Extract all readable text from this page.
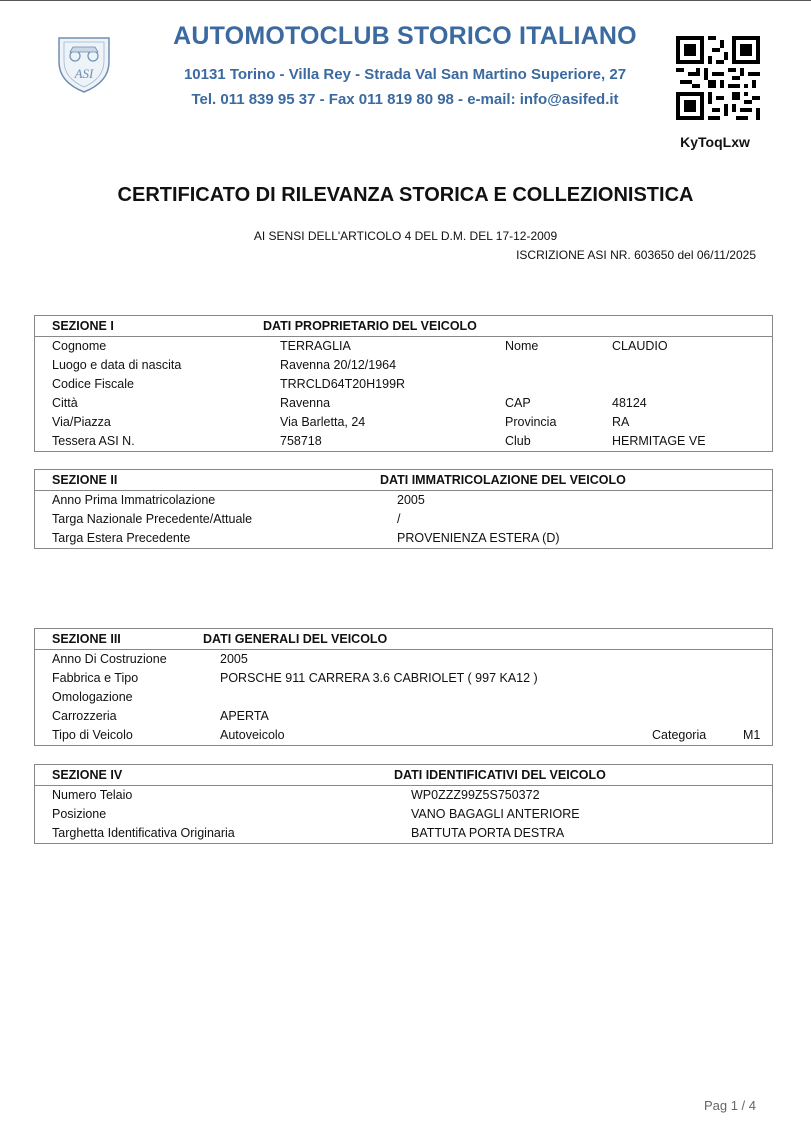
ASI
AUTOMOTOCLUB STORICO ITALIANO
10131 Torino - Villa Rey - Strada Val San Martino Superiore, 27
Tel. 011 839 95 37 - Fax 011 819 80 98 - e-mail: info@asifed.it
KyToqLxw
CERTIFICATO DI RILEVANZA STORICA E COLLEZIONISTICA
AI SENSI DELL'ARTICOLO 4 DEL D.M. DEL 17-12-2009
ISCRIZIONE ASI NR. 603650 del 06/11/2025
SEZIONE I	DATI PROPRIETARIO DEL VEICOLO
Cognome	TERRAGLIA	Nome	CLAUDIO
Luogo e data di nascita	Ravenna 20/12/1964
Codice Fiscale	TRRCLD64T20H199R
Città	Ravenna	CAP	48124
Via/Piazza	Via Barletta, 24	Provincia	RA
Tessera ASI N.	758718	Club	HERMITAGE VE
SEZIONE II	DATI IMMATRICOLAZIONE DEL VEICOLO
Anno Prima Immatricolazione	2005
Targa Nazionale Precedente/Attuale	/
Targa Estera Precedente	PROVENIENZA ESTERA (D)
SEZIONE III	DATI GENERALI DEL VEICOLO
Anno Di Costruzione	2005
Fabbrica e Tipo	PORSCHE 911 CARRERA 3.6 CABRIOLET ( 997 KA12 )
Omologazione
Carrozzeria	APERTA
Tipo di Veicolo	Autoveicolo	Categoria	M1
SEZIONE IV	DATI IDENTIFICATIVI DEL VEICOLO
Numero Telaio	WP0ZZZ99Z5S750372
Posizione	VANO BAGAGLI ANTERIORE
Targhetta Identificativa Originaria	BATTUTA PORTA DESTRA
Pag 1 / 4
